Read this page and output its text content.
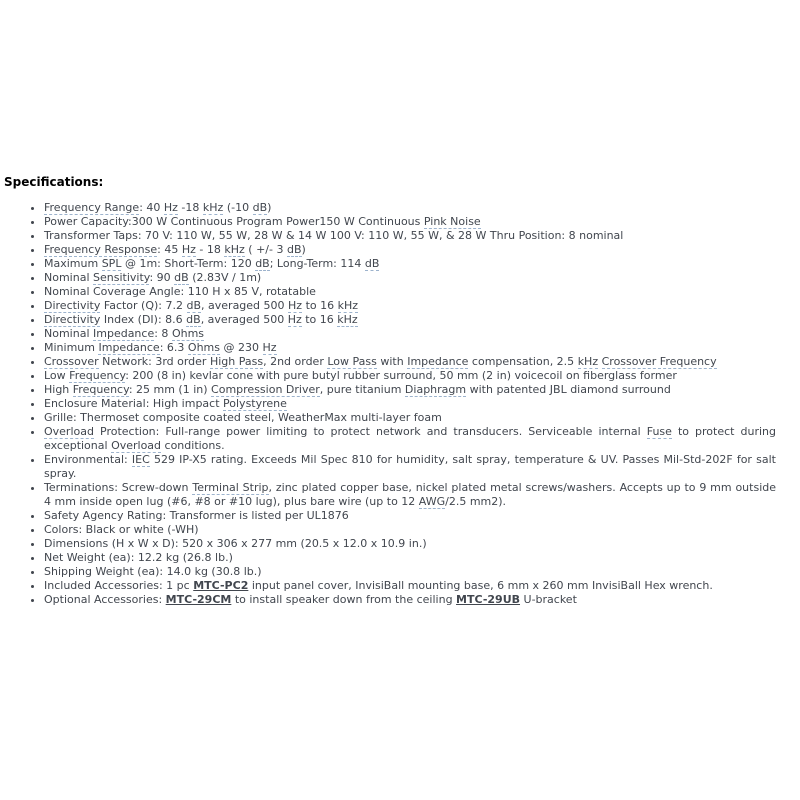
Specifications:
• Frequency Range: 40 Hz -18 kHz (-10 dB)
• Power Capacity:300 W Continuous Program Power150 W Continuous Pink Noise
• Transformer Taps: 70 V: 110 W, 55 W, 28 W & 14 W 100 V: 110 W, 55 W, & 28 W Thru Position: 8 nominal
• Frequency Response: 45 Hz - 18 kHz ( +/- 3 dB)
• Maximum SPL @ 1m: Short-Term: 120 dB; Long-Term: 114 dB
• Nominal Sensitivity: 90 dB (2.83V / 1m)
• Nominal Coverage Angle: 110 H x 85 V, rotatable
• Directivity Factor (Q): 7.2 dB, averaged 500 Hz to 16 kHz
• Directivity Index (DI): 8.6 dB, averaged 500 Hz to 16 kHz
• Nominal Impedance: 8 Ohms
• Minimum Impedance: 6.3 Ohms @ 230 Hz
• Crossover Network: 3rd order High Pass, 2nd order Low Pass with Impedance compensation, 2.5 kHz Crossover Frequency
• Low Frequency: 200 (8 in) kevlar cone with pure butyl rubber surround, 50 mm (2 in) voicecoil on fiberglass former
• High Frequency: 25 mm (1 in) Compression Driver, pure titanium Diaphragm with patented JBL diamond surround
• Enclosure Material: High impact Polystyrene
• Grille: Thermoset composite coated steel, WeatherMax multi-layer foam
• Overload Protection: Full-range power limiting to protect network and transducers. Serviceable internal Fuse to protect during exceptional Overload conditions.
• Environmental: IEC 529 IP-X5 rating. Exceeds Mil Spec 810 for humidity, salt spray, temperature & UV. Passes Mil-Std-202F for salt spray.
• Terminations: Screw-down Terminal Strip, zinc plated copper base, nickel plated metal screws/washers. Accepts up to 9 mm outside 4 mm inside open lug (#6, #8 or #10 lug), plus bare wire (up to 12 AWG/2.5 mm2).
• Safety Agency Rating: Transformer is listed per UL1876
• Colors: Black or white (-WH)
• Dimensions (H x W x D): 520 x 306 x 277 mm (20.5 x 12.0 x 10.9 in.)
• Net Weight (ea): 12.2 kg (26.8 lb.)
• Shipping Weight (ea): 14.0 kg (30.8 lb.)
• Included Accessories: 1 pc MTC-PC2 input panel cover, InvisiBall mounting base, 6 mm x 260 mm InvisiBall Hex wrench.
• Optional Accessories: MTC-29CM to install speaker down from the ceiling MTC-29UB U-bracket
